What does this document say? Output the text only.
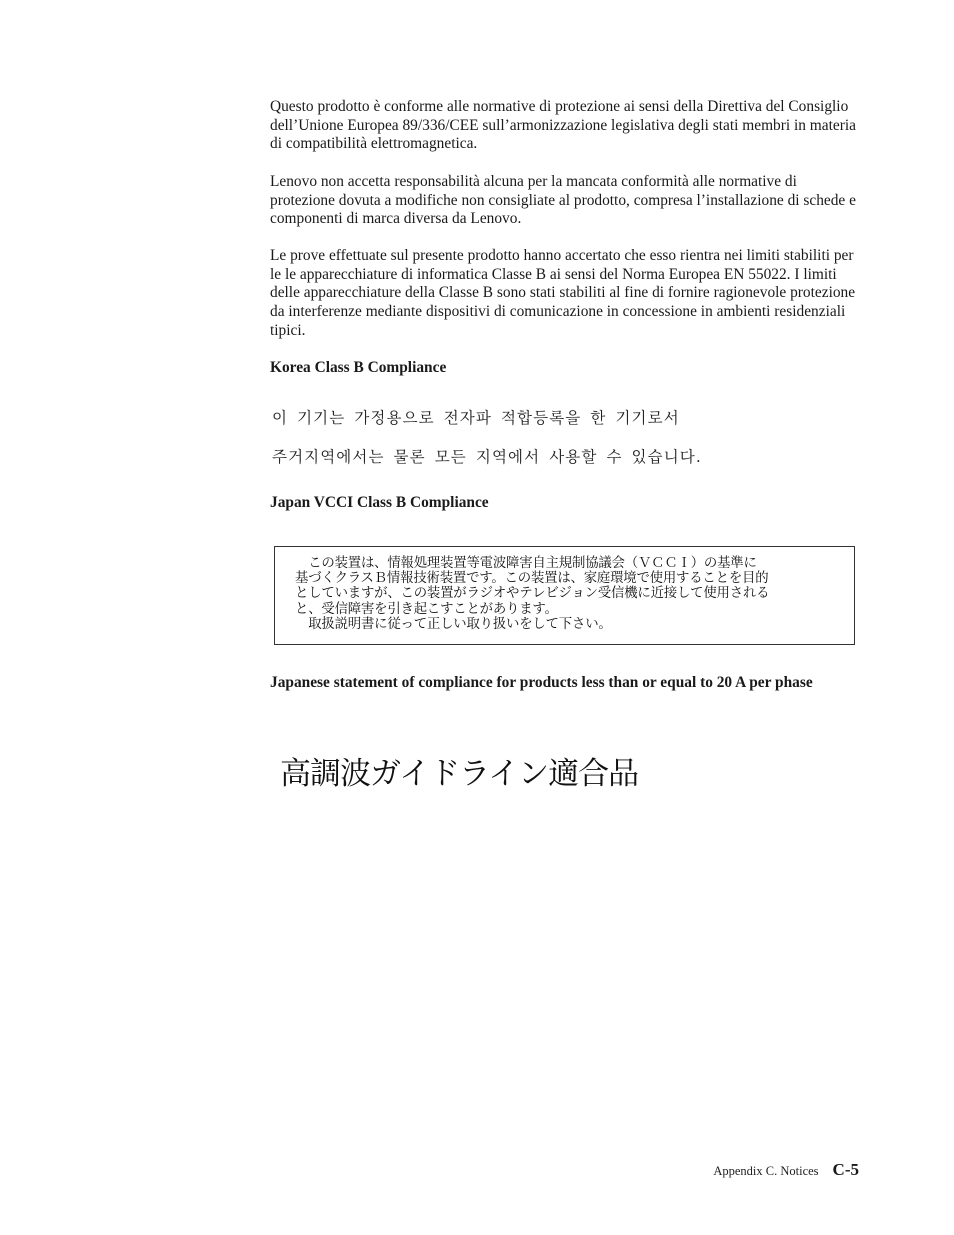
Questo prodotto è conforme alle normative di protezione ai sensi della Direttiva del Consiglio dell’Unione Europea 89/336/CEE sull’armonizzazione legislativa degli stati membri in materia di compatibilità elettromagnetica.

Lenovo non accetta responsabilità alcuna per la mancata conformità alle normative di protezione dovuta a modifiche non consigliate al prodotto, compresa l’installazione di schede e componenti di marca diversa da Lenovo.

Le prove effettuate sul presente prodotto hanno accertato che esso rientra nei limiti stabiliti per le le apparecchiature di informatica Classe B ai sensi del Norma Europea EN 55022. I limiti delle apparecchiature della Classe B sono stati stabiliti al fine di fornire ragionevole protezione da interferenze mediante dispositivi di comunicazione in concessione in ambienti residenziali tipici.

Korea Class B Compliance

이 기기는 가정용으로 전자파 적합등록을 한 기기로서
주거지역에서는 물론 모든 지역에서 사용할 수 있습니다.

Japan VCCI Class B Compliance

　この装置は、情報処理装置等電波障害自主規制協議会（ＶＣＣＩ）の基準に
基づくクラスＢ情報技術装置です。この装置は、家庭環境で使用することを目的
としていますが、この装置がラジオやテレビジョン受信機に近接して使用される
と、受信障害を引き起こすことがあります。
　取扱説明書に従って正しい取り扱いをして下さい。

Japanese statement of compliance for products less than or equal to 20 A per phase

高調波ガイドライン適合品
Appendix C. Notices C-5
